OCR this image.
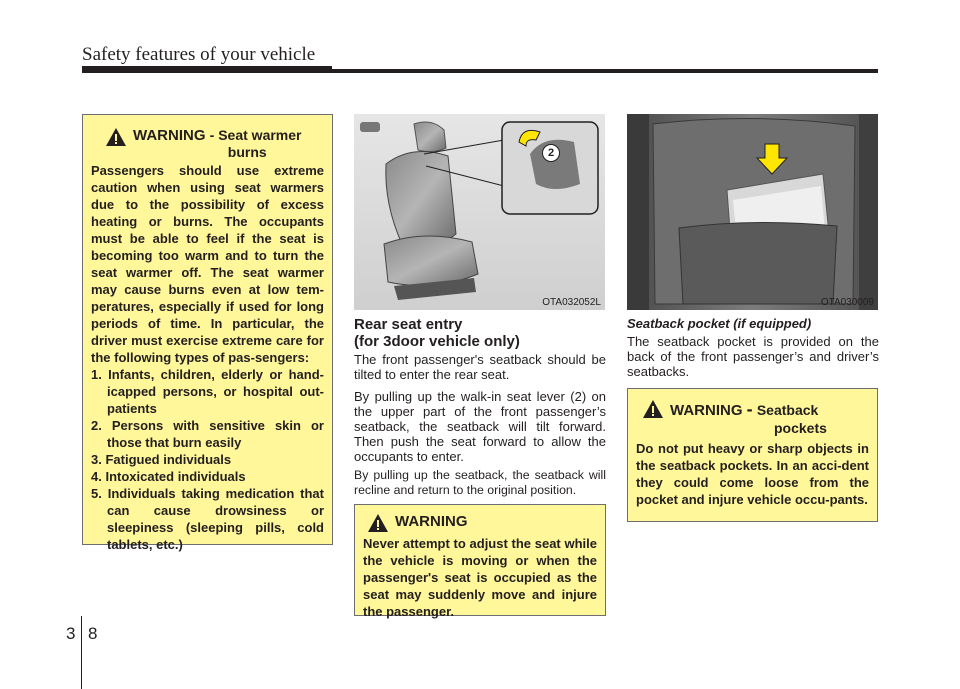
Safety features of your vehicle
WARNING - Seat warmer
burns
Passengers should use extreme caution when using seat warmers due to the possibility of excess heating or burns. The occupants must be able to feel if the seat is becoming too warm and to turn the seat warmer off. The seat warmer may cause burns even at low tem-peratures, especially if used for long periods of time. In particular, the driver must exercise extreme care for the following types of pas-sengers:
1. Infants, children, elderly or hand-icapped persons, or hospital out-patients
2. Persons with sensitive skin or those that burn easily
3. Fatigued individuals
4. Intoxicated individuals
5. Individuals taking medication that can cause drowsiness or sleepiness (sleeping pills, cold tablets, etc.)
2
OTA032052L
Rear seat entry
(for 3door vehicle only)
The front passenger's seatback should be tilted to enter the rear seat.
By pulling up the walk-in seat lever (2) on the upper part of the front passenger’s seatback, the seatback will tilt forward. Then push the seat forward to allow the occupants to enter.
By pulling up the seatback, the seatback will recline and return to the original position.
WARNING
Never attempt to adjust the seat while the vehicle is moving or when the passenger's seat is occupied as the seat may suddenly move and injure the passenger.
OTA030009
Seatback pocket (if equipped)
The seatback pocket is provided on the back of the front passenger’s and driver’s seatbacks.
WARNING - Seatback
pockets
Do not put heavy or sharp objects in the seatback pockets. In an acci-dent they could come loose from the pocket and injure vehicle occu-pants.
3 8
